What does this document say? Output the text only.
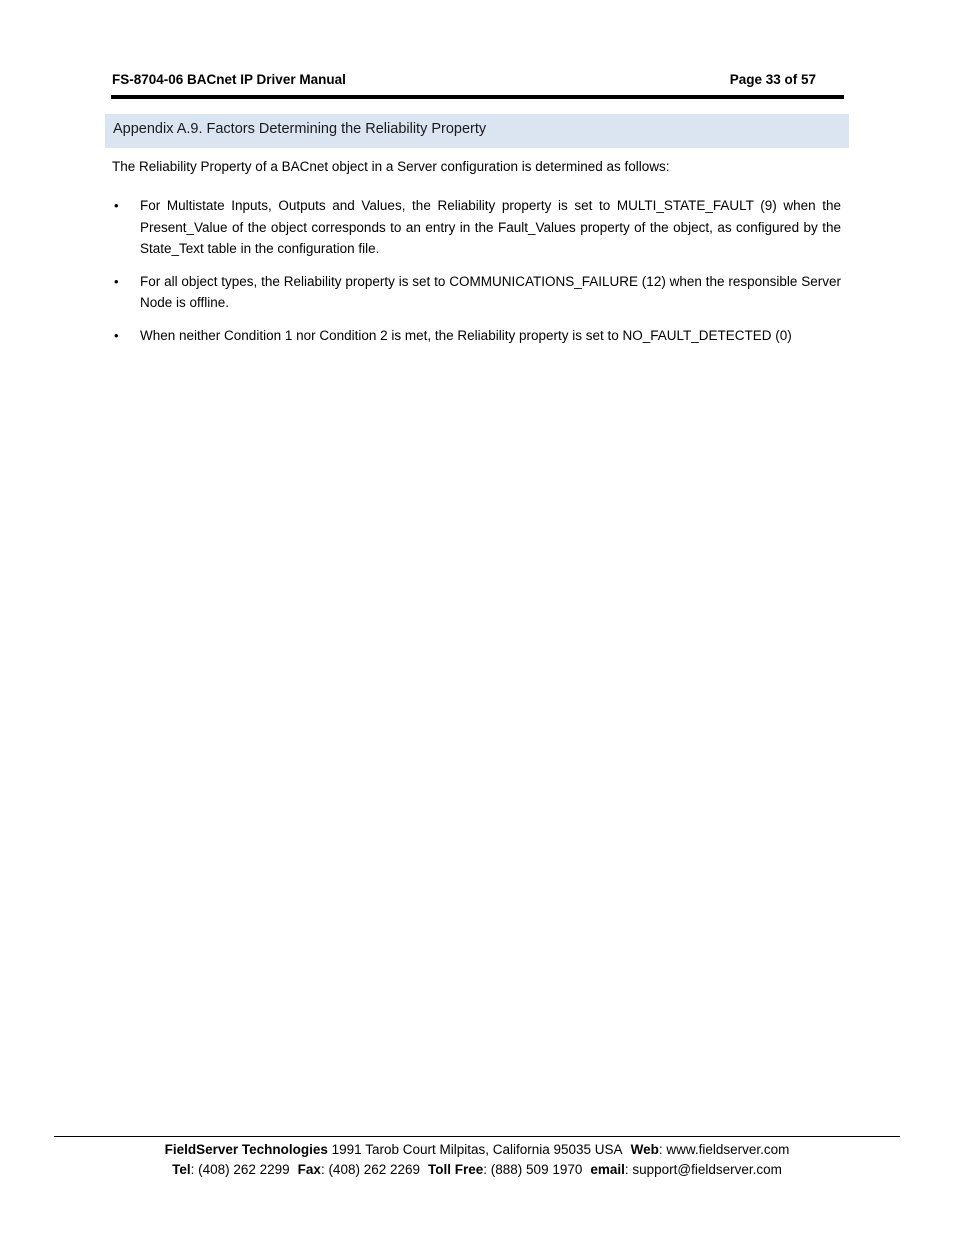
FS-8704-06 BACnet IP Driver Manual	Page 33 of 57
Appendix A.9. Factors Determining the Reliability Property
The Reliability Property of a BACnet object in a Server configuration is determined as follows:
• For Multistate Inputs, Outputs and Values, the Reliability property is set to MULTI_STATE_FAULT (9) when the Present_Value of the object corresponds to an entry in the Fault_Values property of the object, as configured by the State_Text table in the configuration file.
• For all object types, the Reliability property is set to COMMUNICATIONS_FAILURE (12) when the responsible Server Node is offline.
• When neither Condition 1 nor Condition 2 is met, the Reliability property is set to NO_FAULT_DETECTED (0)
FieldServer Technologies 1991 Tarob Court Milpitas, California 95035 USA Web: www.fieldserver.com
Tel: (408) 262 2299 Fax: (408) 262 2269 Toll Free: (888) 509 1970 email: support@fieldserver.com
